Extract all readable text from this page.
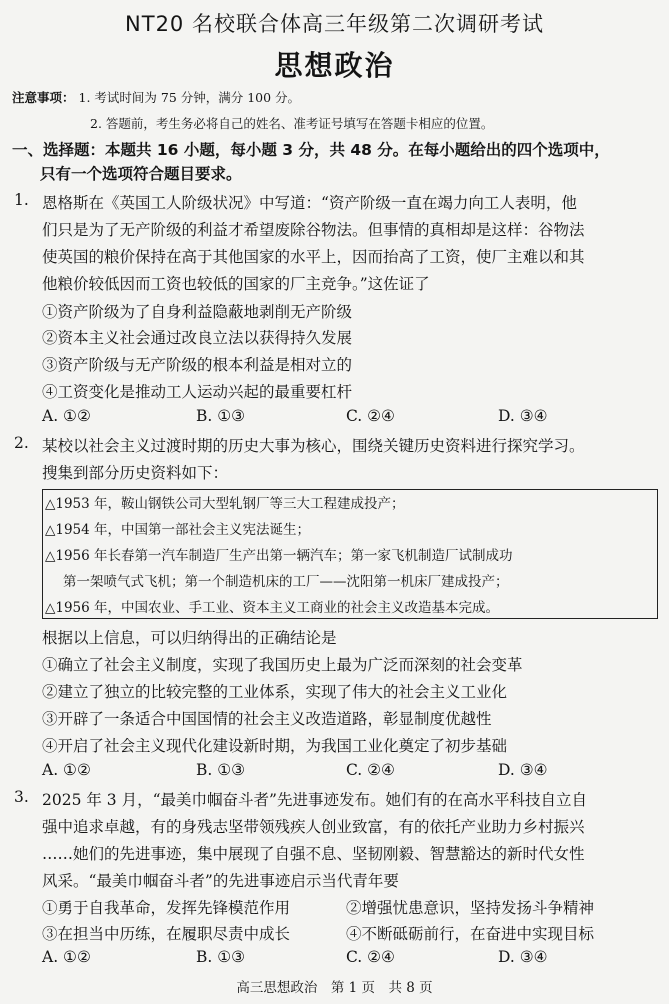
NT20 名校联合体高三年级第二次调研考试
思想政治
注意事项： 1. 考试时间为 75 分钟，满分 100 分。
2. 答题前，考生务必将自己的姓名、准考证号填写在答题卡相应的位置。
一、选择题：本题共 16 小题，每小题 3 分，共 48 分。在每小题给出的四个选项中，
只有一个选项符合题目要求。
1. 恩格斯在《英国工人阶级状况》中写道：“资产阶级一直在竭力向工人表明，他
们只是为了无产阶级的利益才希望废除谷物法。但事情的真相却是这样：谷物法
使英国的粮价保持在高于其他国家的水平上，因而抬高了工资，使厂主难以和其
他粮价较低因而工资也较低的国家的厂主竞争。”这佐证了
①资产阶级为了自身利益隐蔽地剥削无产阶级
②资本主义社会通过改良立法以获得持久发展
③资产阶级与无产阶级的根本利益是相对立的
④工资变化是推动工人运动兴起的最重要杠杆
A. ①②	B. ①③	C. ②④	D. ③④
2. 某校以社会主义过渡时期的历史大事为核心，围绕关键历史资料进行探究学习。
搜集到部分历史资料如下：
△1953 年，鞍山钢铁公司大型轧钢厂等三大工程建成投产；
△1954 年，中国第一部社会主义宪法诞生；
△1956 年长春第一汽车制造厂生产出第一辆汽车；第一家飞机制造厂试制成功
第一架喷气式飞机；第一个制造机床的工厂——沈阳第一机床厂建成投产；
△1956 年，中国农业、手工业、资本主义工商业的社会主义改造基本完成。
根据以上信息，可以归纳得出的正确结论是
①确立了社会主义制度，实现了我国历史上最为广泛而深刻的社会变革
②建立了独立的比较完整的工业体系，实现了伟大的社会主义工业化
③开辟了一条适合中国国情的社会主义改造道路，彰显制度优越性
④开启了社会主义现代化建设新时期，为我国工业化奠定了初步基础
A. ①②	B. ①③	C. ②④	D. ③④
3. 2025 年 3 月，“最美巾帼奋斗者”先进事迹发布。她们有的在高水平科技自立自
强中追求卓越，有的身残志坚带领残疾人创业致富，有的依托产业助力乡村振兴
……她们的先进事迹，集中展现了自强不息、坚韧刚毅、智慧豁达的新时代女性
风采。“最美巾帼奋斗者”的先进事迹启示当代青年要
①勇于自我革命，发挥先锋模范作用	②增强忧患意识，坚持发扬斗争精神
③在担当中历练，在履职尽责中成长	④不断砥砺前行，在奋进中实现目标
A. ①②	B. ①③	C. ②④	D. ③④
高三思想政治　第 1 页　共 8 页
